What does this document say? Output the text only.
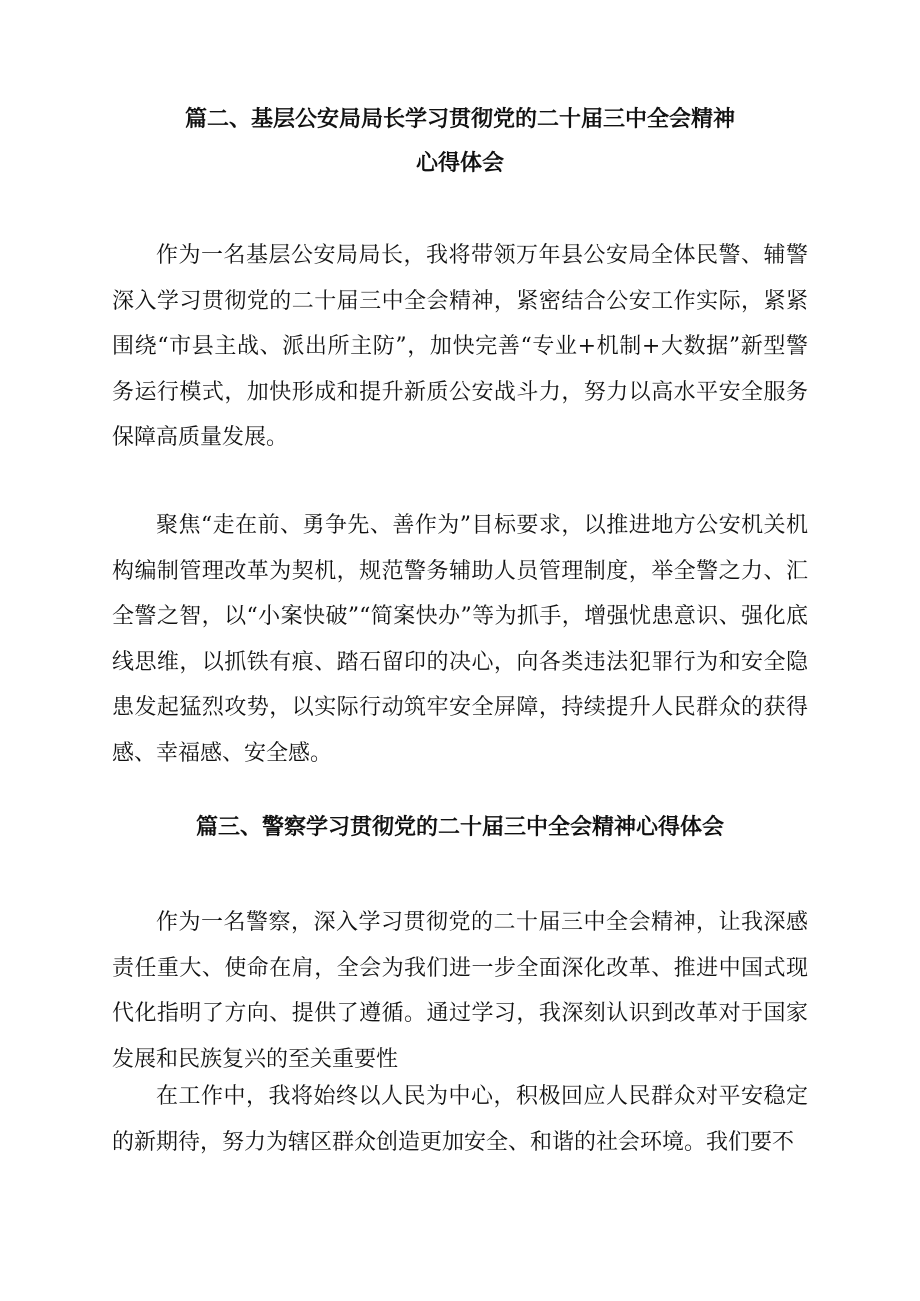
篇二、基层公安局局长学习贯彻党的二十届三中全会精神
心得体会

作为一名基层公安局局长，我将带领万年县公安局全体民警、辅警深入学习贯彻党的二十届三中全会精神，紧密结合公安工作实际，紧紧围绕“市县主战、派出所主防”，加快完善“专业+机制+大数据”新型警务运行模式，加快形成和提升新质公安战斗力，努力以高水平安全服务保障高质量发展。

聚焦“走在前、勇争先、善作为”目标要求，以推进地方公安机关机构编制管理改革为契机，规范警务辅助人员管理制度，举全警之力、汇全警之智，以“小案快破”“简案快办”等为抓手，增强忧患意识、强化底线思维，以抓铁有痕、踏石留印的决心，向各类违法犯罪行为和安全隐患发起猛烈攻势，以实际行动筑牢安全屏障，持续提升人民群众的获得感、幸福感、安全感。

篇三、警察学习贯彻党的二十届三中全会精神心得体会

作为一名警察，深入学习贯彻党的二十届三中全会精神，让我深感责任重大、使命在肩，全会为我们进一步全面深化改革、推进中国式现代化指明了方向、提供了遵循。通过学习，我深刻认识到改革对于国家发展和民族复兴的至关重要性

在工作中，我将始终以人民为中心，积极回应人民群众对平安稳定的新期待，努力为辖区群众创造更加安全、和谐的社会环境。我们要不
